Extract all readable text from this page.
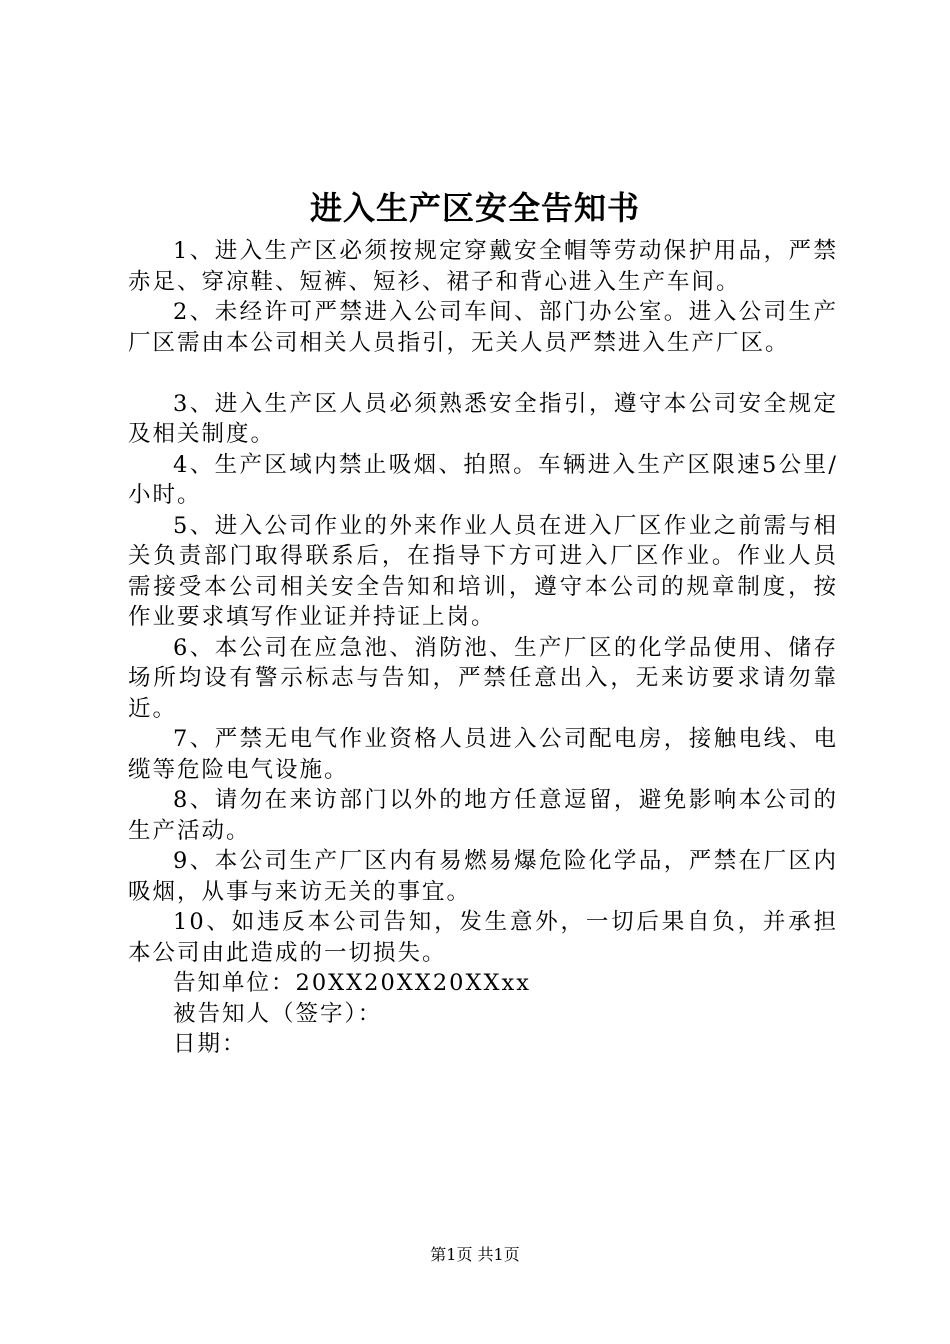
进入生产区安全告知书

1、进入生产区必须按规定穿戴安全帽等劳动保护用品，严禁赤足、穿凉鞋、短裤、短衫、裙子和背心进入生产车间。

2、未经许可严禁进入公司车间、部门办公室。进入公司生产厂区需由本公司相关人员指引，无关人员严禁进入生产厂区。

3、进入生产区人员必须熟悉安全指引，遵守本公司安全规定及相关制度。

4、生产区域内禁止吸烟、拍照。车辆进入生产区限速5公里/小时。

5、进入公司作业的外来作业人员在进入厂区作业之前需与相关负责部门取得联系后，在指导下方可进入厂区作业。作业人员需接受本公司相关安全告知和培训，遵守本公司的规章制度，按作业要求填写作业证并持证上岗。

6、本公司在应急池、消防池、生产厂区的化学品使用、储存场所均设有警示标志与告知，严禁任意出入，无来访要求请勿靠近。

7、严禁无电气作业资格人员进入公司配电房，接触电线、电缆等危险电气设施。

8、请勿在来访部门以外的地方任意逗留，避免影响本公司的生产活动。

9、本公司生产厂区内有易燃易爆危险化学品，严禁在厂区内吸烟，从事与来访无关的事宜。

10、如违反本公司告知，发生意外，一切后果自负，并承担本公司由此造成的一切损失。

告知单位：20XX20XX20XXxx

被告知人（签字）：

日期：

第1页 共1页
